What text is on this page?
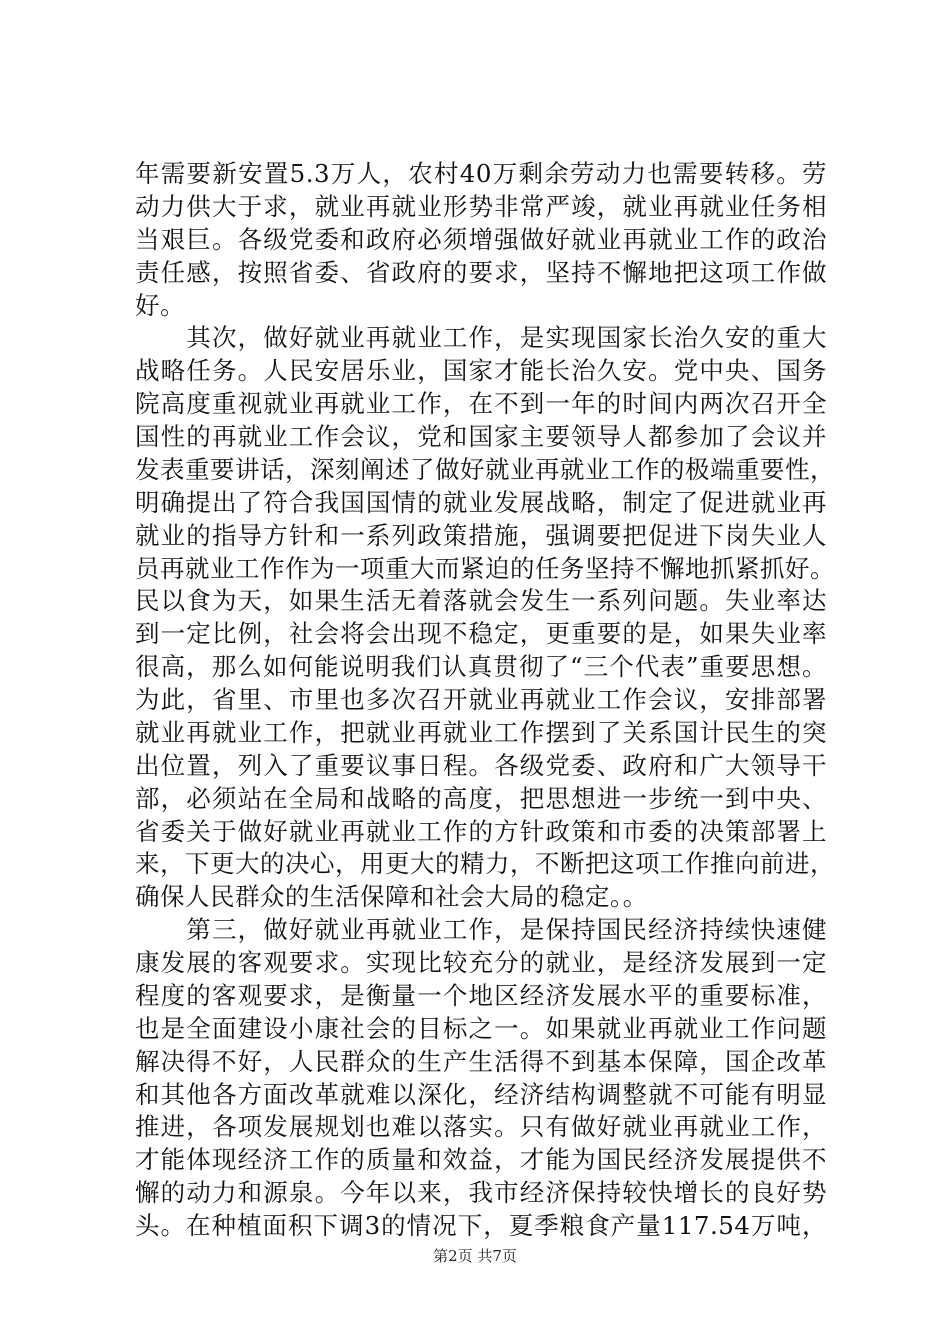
年需要新安置5.3万人，农村40万剩余劳动力也需要转移。劳
动力供大于求，就业再就业形势非常严竣，就业再就业任务相
当艰巨。各级党委和政府必须增强做好就业再就业工作的政治
责任感，按照省委、省政府的要求，坚持不懈地把这项工作做
好。
　　其次，做好就业再就业工作，是实现国家长治久安的重大
战略任务。人民安居乐业，国家才能长治久安。党中央、国务
院高度重视就业再就业工作，在不到一年的时间内两次召开全
国性的再就业工作会议，党和国家主要领导人都参加了会议并
发表重要讲话，深刻阐述了做好就业再就业工作的极端重要性，
明确提出了符合我国国情的就业发展战略，制定了促进就业再
就业的指导方针和一系列政策措施，强调要把促进下岗失业人
员再就业工作作为一项重大而紧迫的任务坚持不懈地抓紧抓好。
民以食为天，如果生活无着落就会发生一系列问题。失业率达
到一定比例，社会将会出现不稳定，更重要的是，如果失业率
很高，那么如何能说明我们认真贯彻了“三个代表”重要思想。
为此，省里、市里也多次召开就业再就业工作会议，安排部署
就业再就业工作，把就业再就业工作摆到了关系国计民生的突
出位置，列入了重要议事日程。各级党委、政府和广大领导干
部，必须站在全局和战略的高度，把思想进一步统一到中央、
省委关于做好就业再就业工作的方针政策和市委的决策部署上
来，下更大的决心，用更大的精力，不断把这项工作推向前进，
确保人民群众的生活保障和社会大局的稳定。。
　　第三，做好就业再就业工作，是保持国民经济持续快速健
康发展的客观要求。实现比较充分的就业，是经济发展到一定
程度的客观要求，是衡量一个地区经济发展水平的重要标准，
也是全面建设小康社会的目标之一。如果就业再就业工作问题
解决得不好，人民群众的生产生活得不到基本保障，国企改革
和其他各方面改革就难以深化，经济结构调整就不可能有明显
推进，各项发展规划也难以落实。只有做好就业再就业工作，
才能体现经济工作的质量和效益，才能为国民经济发展提供不
懈的动力和源泉。今年以来，我市经济保持较快增长的良好势
头。在种植面积下调3的情况下，夏季粮食产量117.54万吨，
第2页 共7页
